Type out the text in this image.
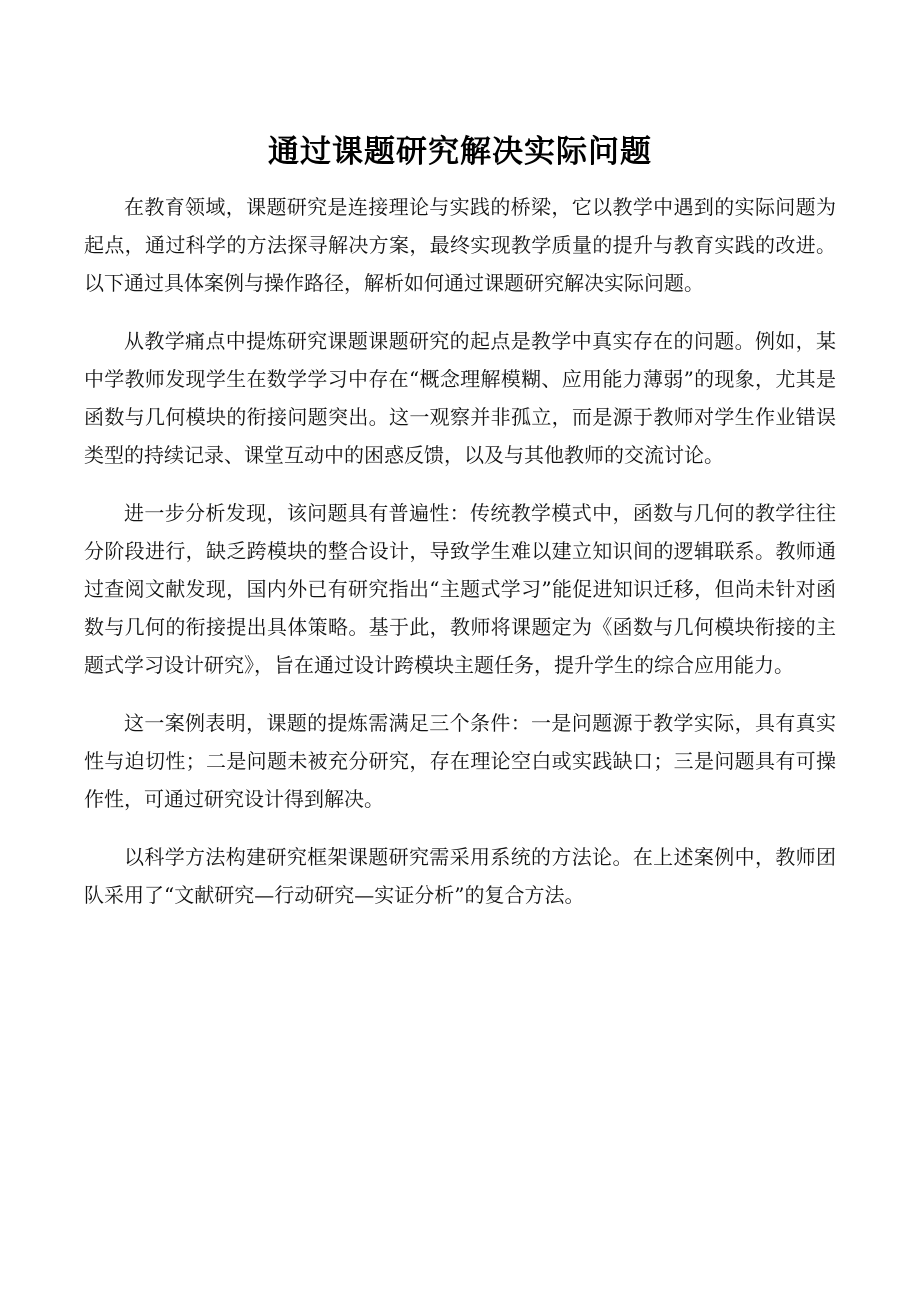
通过课题研究解决实际问题

在教育领域，课题研究是连接理论与实践的桥梁，它以教学中遇到的实际问题为起点，通过科学的方法探寻解决方案，最终实现教学质量的提升与教育实践的改进。以下通过具体案例与操作路径，解析如何通过课题研究解决实际问题。

从教学痛点中提炼研究课题课题研究的起点是教学中真实存在的问题。例如，某中学教师发现学生在数学学习中存在“概念理解模糊、应用能力薄弱”的现象，尤其是函数与几何模块的衔接问题突出。这一观察并非孤立，而是源于教师对学生作业错误类型的持续记录、课堂互动中的困惑反馈，以及与其他教师的交流讨论。

进一步分析发现，该问题具有普遍性：传统教学模式中，函数与几何的教学往往分阶段进行，缺乏跨模块的整合设计，导致学生难以建立知识间的逻辑联系。教师通过查阅文献发现，国内外已有研究指出“主题式学习”能促进知识迁移，但尚未针对函数与几何的衔接提出具体策略。基于此，教师将课题定为《函数与几何模块衔接的主题式学习设计研究》，旨在通过设计跨模块主题任务，提升学生的综合应用能力。

这一案例表明，课题的提炼需满足三个条件：一是问题源于教学实际，具有真实性与迫切性；二是问题未被充分研究，存在理论空白或实践缺口；三是问题具有可操作性，可通过研究设计得到解决。

以科学方法构建研究框架课题研究需采用系统的方法论。在上述案例中，教师团队采用了“文献研究—行动研究—实证分析”的复合方法。
